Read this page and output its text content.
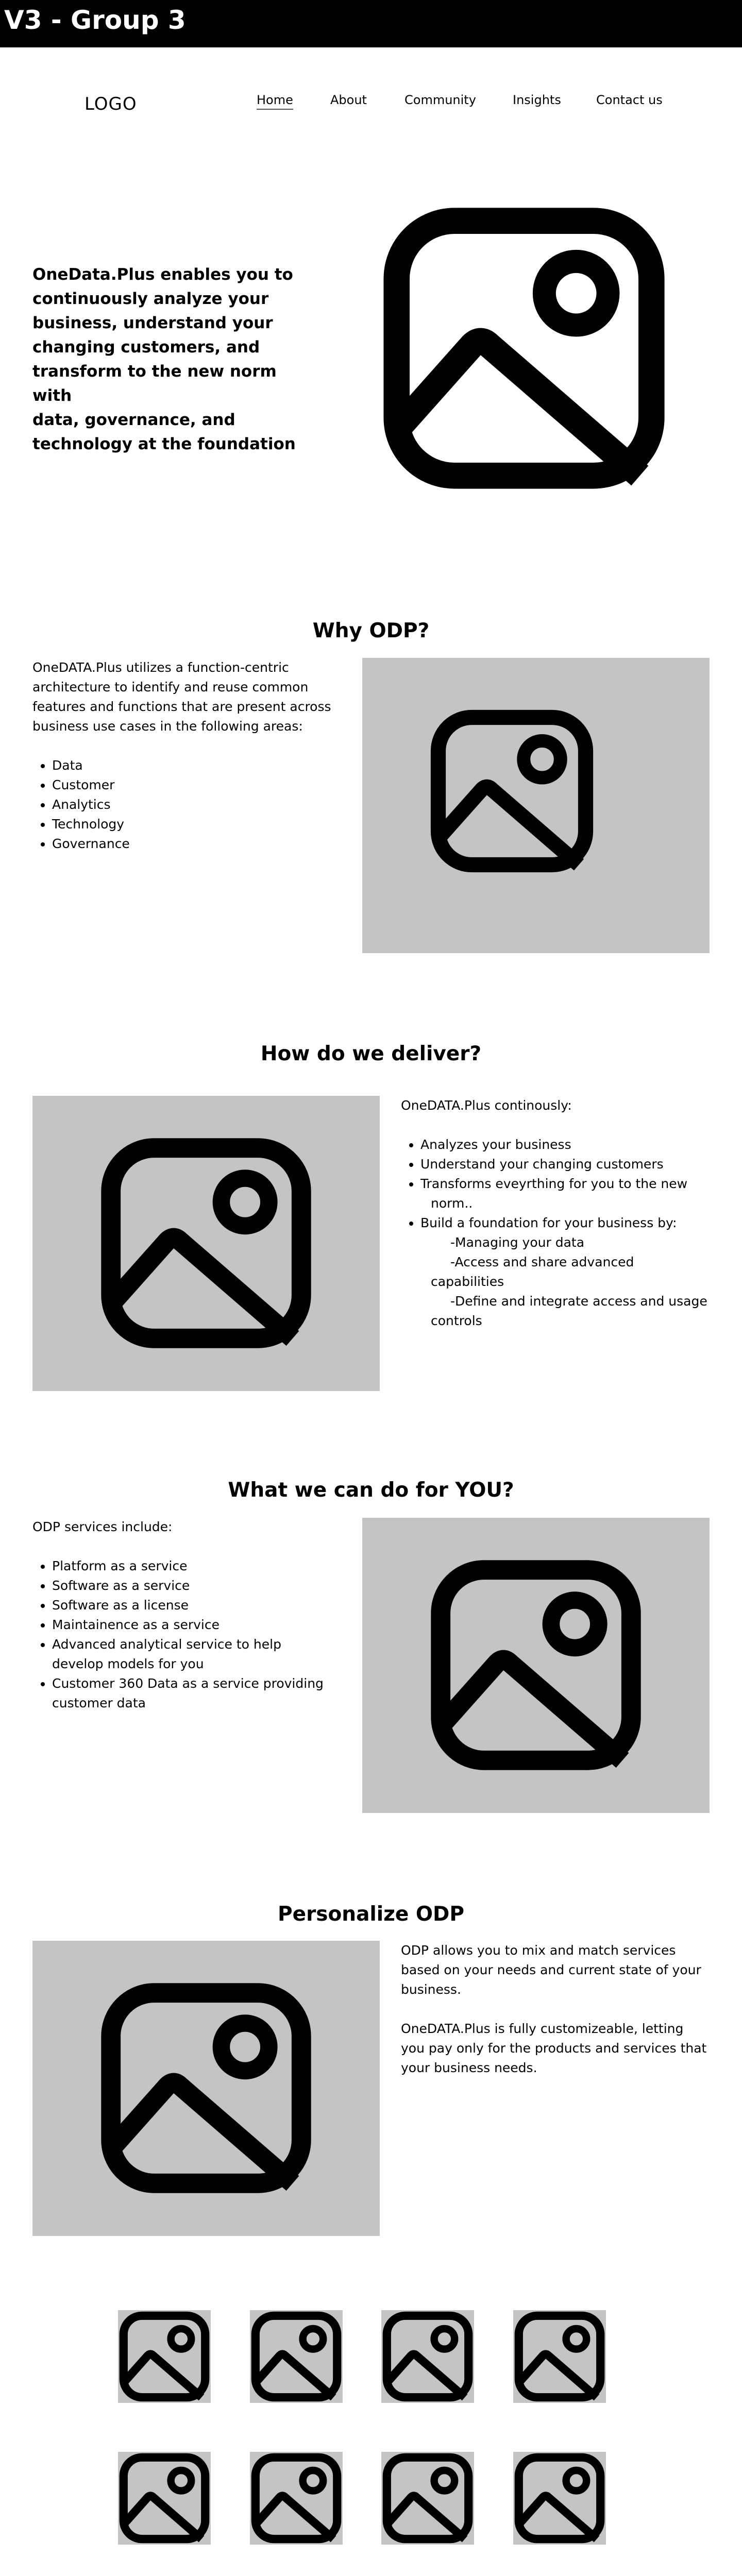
V3 - Group 3
LOGO	Home	About	Community	Insights	Contact us
OneData.Plus enables you to
continuously analyze your
business, understand your
changing customers, and
transform to the new norm with
data, governance, and
technology at the foundation
Why ODP?

OneDATA.Plus utilizes a function-centric

architecture to identify and reuse common

features and functions that are present across

business use cases in the following areas:

• Data
• Customer
• Analytics
• Technology
• Governance
How do we deliver?

OneDATA.Plus continously:

• Analyzes your business
• Understand your changing customers
• Transforms eveyrthing for you to the new
norm..
• Build a foundation for your business by:
-Managing your data
-Access and share advanced
capabilities
-Define and integrate access and usage
controls
What we can do for YOU?

ODP services include:

• Platform as a service
• Software as a service
• Software as a license
• Maintainence as a service
• Advanced analytical service to help
develop models for you
• Customer 360 Data as a service providing
customer data
Personalize ODP

ODP allows you to mix and match services

based on your needs and current state of your

business.

OneDATA.Plus is fully customizeable, letting

you pay only for the products and services that

your business needs.
